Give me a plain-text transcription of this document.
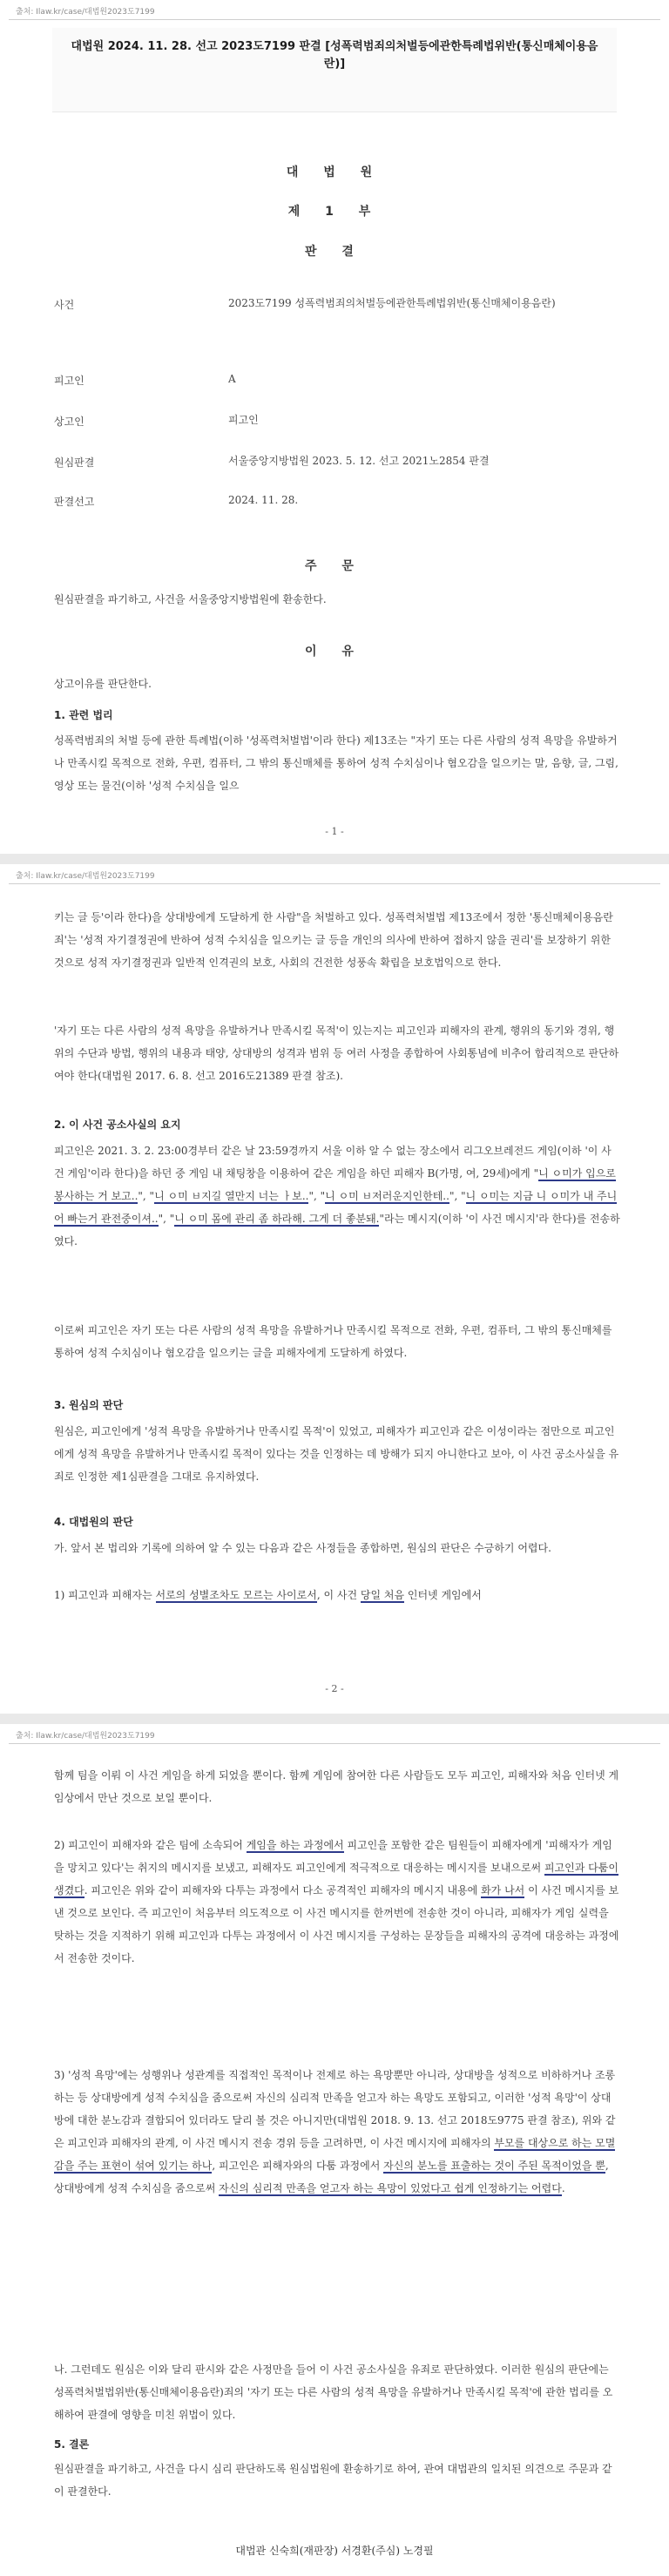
출처: Ilaw.kr/case/대법원2023도7199
대법원 2024. 11. 28. 선고 2023도7199 판결 [성폭력범죄의처벌등에관한특례법위반(통신매체이용음란)]
대 법 원
제 1 부
판 결
사건	2023도7199 성폭력범죄의처벌등에관한특례법위반(통신매체이용음란)
피고인	A
상고인	피고인
원심판결	서울중앙지방법원 2023. 5. 12. 선고 2021노2854 판결
판결선고	2024. 11. 28.
주 문
원심판결을 파기하고, 사건을 서울중앙지방법원에 환송한다.
이 유
상고이유를 판단한다.
1. 관련 법리
성폭력범죄의 처벌 등에 관한 특례법(이하 '성폭력처벌법'이라 한다) 제13조는 "자기 또는 다른 사람의 성적 욕망을 유발하거나 만족시킬 목적으로 전화, 우편, 컴퓨터, 그 밖의 통신매체를 통하여 성적 수치심이나 혐오감을 일으키는 말, 음향, 글, 그림, 영상 또는 물건(이하 '성적 수치심을 일으
- 1 -
출처: Ilaw.kr/case/대법원2023도7199
키는 글 등'이라 한다)을 상대방에게 도달하게 한 사람"을 처벌하고 있다. 성폭력처벌법 제13조에서 정한 '통신매체이용음란죄'는 '성적 자기결정권에 반하여 성적 수치심을 일으키는 글 등을 개인의 의사에 반하여 접하지 않을 권리'를 보장하기 위한 것으로 성적 자기결정권과 일반적 인격권의 보호, 사회의 건전한 성풍속 확립을 보호법익으로 한다.
'자기 또는 다른 사람의 성적 욕망을 유발하거나 만족시킬 목적'이 있는지는 피고인과 피해자의 관계, 행위의 동기와 경위, 행위의 수단과 방법, 행위의 내용과 태양, 상대방의 성격과 범위 등 여러 사정을 종합하여 사회통념에 비추어 합리적으로 판단하여야 한다(대법원 2017. 6. 8. 선고 2016도21389 판결 참조).
2. 이 사건 공소사실의 요지
피고인은 2021. 3. 2. 23:00경부터 같은 날 23:59경까지 서울 이하 알 수 없는 장소에서 리그오브레전드 게임(이하 '이 사건 게임'이라 한다)을 하던 중 게임 내 채팅창을 이용하여 같은 게임을 하던 피해자 B(가명, 여, 29세)에게 "니 ㅇ미가 입으로 봉사하는 거 보고..", "니 ㅇ미 ㅂ지길 열만지 너는 ㅏ보..", "니 ㅇ미 ㅂ저러운지인한테..", "니 ㅇ미는 지금 니 ㅇ미가 내 주니어 빠는거 관전중이셔..", "니 ㅇ미 몸에 관리 좀 하라해. 그게 더 좋분돼."라는 메시지(이하 '이 사건 메시지'라 한다)를 전송하였다.
이로써 피고인은 자기 또는 다른 사람의 성적 욕망을 유발하거나 만족시킬 목적으로 전화, 우편, 컴퓨터, 그 밖의 통신매체를 통하여 성적 수치심이나 혐오감을 일으키는 글을 피해자에게 도달하게 하였다.
3. 원심의 판단
원심은, 피고인에게 '성적 욕망을 유발하거나 만족시킬 목적'이 있었고, 피해자가 피고인과 같은 이성이라는 점만으로 피고인에게 성적 욕망을 유발하거나 만족시킬 목적이 있다는 것을 인정하는 데 방해가 되지 아니한다고 보아, 이 사건 공소사실을 유죄로 인정한 제1심판결을 그대로 유지하였다.
4. 대법원의 판단
가. 앞서 본 법리와 기록에 의하여 알 수 있는 다음과 같은 사정들을 종합하면, 원심의 판단은 수긍하기 어렵다.
1) 피고인과 피해자는 서로의 성별조차도 모르는 사이로서, 이 사건 당일 처음 인터넷 게임에서
- 2 -
출처: Ilaw.kr/case/대법원2023도7199
함께 팀을 이뤄 이 사건 게임을 하게 되었을 뿐이다. 함께 게임에 참여한 다른 사람들도 모두 피고인, 피해자와 처음 인터넷 게임상에서 만난 것으로 보일 뿐이다.
2) 피고인이 피해자와 같은 팀에 소속되어 게임을 하는 과정에서 피고인을 포함한 같은 팀원들이 피해자에게 '피해자가 게임을 망치고 있다'는 취지의 메시지를 보냈고, 피해자도 피고인에게 적극적으로 대응하는 메시지를 보내으로써 피고인과 다툼이 생겼다. 피고인은 위와 같이 피해자와 다투는 과정에서 다소 공격적인 피해자의 메시지 내용에 화가 나서 이 사건 메시지를 보낸 것으로 보인다. 즉 피고인이 처음부터 의도적으로 이 사건 메시지를 한꺼번에 전송한 것이 아니라, 피해자가 게임 실력을 탓하는 것을 지적하기 위해 피고인과 다투는 과정에서 이 사건 메시지를 구성하는 문장들을 피해자의 공격에 대응하는 과정에서 전송한 것이다.
3) '성적 욕망'에는 성행위나 성관계를 직접적인 목적이나 전제로 하는 욕망뿐만 아니라, 상대방을 성적으로 비하하거나 조롱하는 등 상대방에게 성적 수치심을 줌으로써 자신의 심리적 만족을 얻고자 하는 욕망도 포함되고, 이러한 '성적 욕망'이 상대방에 대한 분노감과 결합되어 있더라도 달리 볼 것은 아니지만(대법원 2018. 9. 13. 선고 2018도9775 판결 참조), 위와 같은 피고인과 피해자의 관계, 이 사건 메시지 전송 경위 등을 고려하면, 이 사건 메시지에 피해자의 부모를 대상으로 하는 모멸감을 주는 표현이 섞여 있기는 하나, 피고인은 피해자와의 다툼 과정에서 자신의 분노를 표출하는 것이 주된 목적이었을 뿐, 상대방에게 성적 수치심을 줌으로써 자신의 심리적 만족을 얻고자 하는 욕망이 있었다고 쉽게 인정하기는 어렵다.
나. 그런데도 원심은 이와 달리 판시와 같은 사정만을 들어 이 사건 공소사실을 유죄로 판단하였다. 이러한 원심의 판단에는 성폭력처벌법위반(통신매체이용음란)죄의 '자기 또는 다른 사람의 성적 욕망을 유발하거나 만족시킬 목적'에 관한 법리를 오해하여 판결에 영향을 미친 위법이 있다.
5. 결론
원심판결을 파기하고, 사건을 다시 심리 판단하도록 원심법원에 환송하기로 하여, 관여 대법관의 일치된 의견으로 주문과 같이 판결한다.
대법관 신숙희(재판장) 서경환(주심) 노경필
